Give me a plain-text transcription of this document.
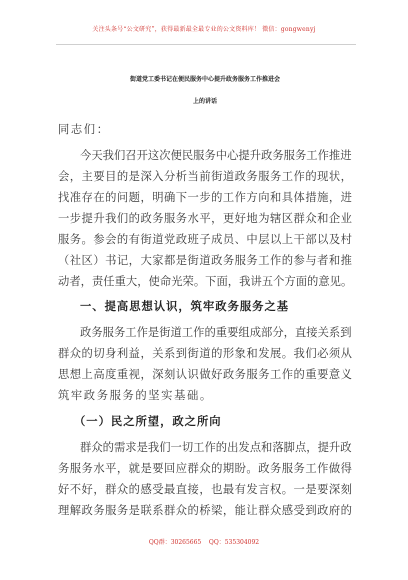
关注头条号“公文研究”，获得最新最全最专业的公文资料库！ 微信：gongwenyj
街道党工委书记在便民服务中心提升政务服务工作推进会
上的讲话
同志们：
今天我们召开这次便民服务中心提升政务服务工作推进
会，主要目的是深入分析当前街道政务服务工作的现状，
找准存在的问题，明确下一步的工作方向和具体措施，进
一步提升我们的政务服务水平，更好地为辖区群众和企业
服务。参会的有街道党政班子成员、中层以上干部以及村
（社区）书记，大家都是街道政务服务工作的参与者和推
动者，责任重大，使命光荣。下面，我讲五个方面的意见。
一、提高思想认识，筑牢政务服务之基
政务服务工作是街道工作的重要组成部分，直接关系到
群众的切身利益，关系到街道的形象和发展。我们必须从
思想上高度重视，深刻认识做好政务服务工作的重要意义
筑牢政务服务的坚实基础。
（一）民之所望，政之所向
群众的需求是我们一切工作的出发点和落脚点，提升政
务服务水平，就是要回应群众的期盼。政务服务工作做得
好不好，群众的感受最直接，也最有发言权。一是要深刻
理解政务服务是联系群众的桥梁，能让群众感受到政府的
QQ群：30265665 QQ：535304092
